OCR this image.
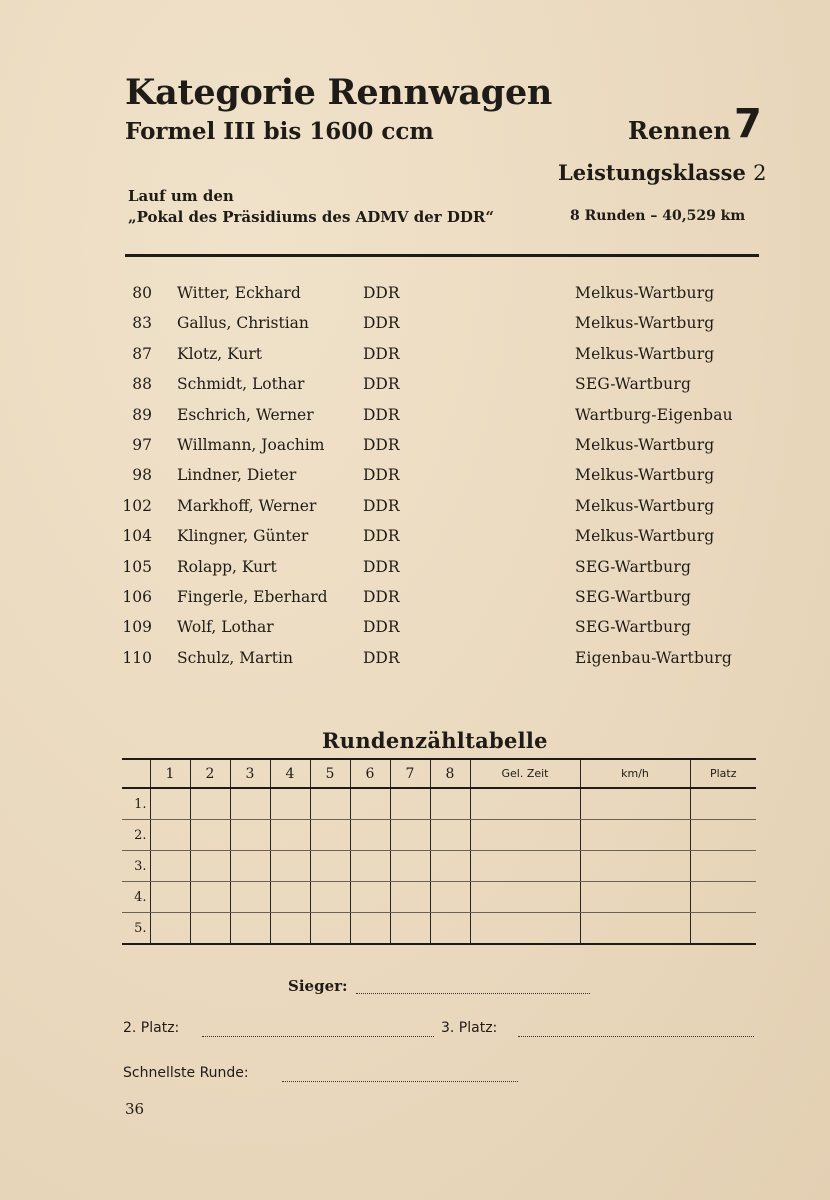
Kategorie Rennwagen
Formel III bis 1600 ccm	Rennen 7
Leistungsklasse 2
Lauf um den
„Pokal des Präsidiums des ADMV der DDR“	8 Runden – 40,529 km
80 Witter, Eckhard	DDR	Melkus-Wartburg
83 Gallus, Christian	DDR	Melkus-Wartburg
87 Klotz, Kurt	DDR	Melkus-Wartburg
88 Schmidt, Lothar	DDR	SEG-Wartburg
89 Eschrich, Werner	DDR	Wartburg-Eigenbau
97 Willmann, Joachim DDR	Melkus-Wartburg
98 Lindner, Dieter	DDR	Melkus-Wartburg
102 Markhoff, Werner	DDR	Melkus-Wartburg
104 Klingner, Günter	DDR	Melkus-Wartburg
105 Rolapp, Kurt	DDR	SEG-Wartburg
106 Fingerle, Eberhard DDR	SEG-Wartburg
109 Wolf, Lothar	DDR	SEG-Wartburg
110 Schulz, Martin	DDR	Eigenbau-Wartburg
Rundenzähltabelle
	1	2	3	4	5	6	7	8	Gel. Zeit	km/h	Platz
1.											
2.											
3.											
4.											
5.											
Sieger:
2. Platz:	3. Platz:
Schnellste Runde:
36
